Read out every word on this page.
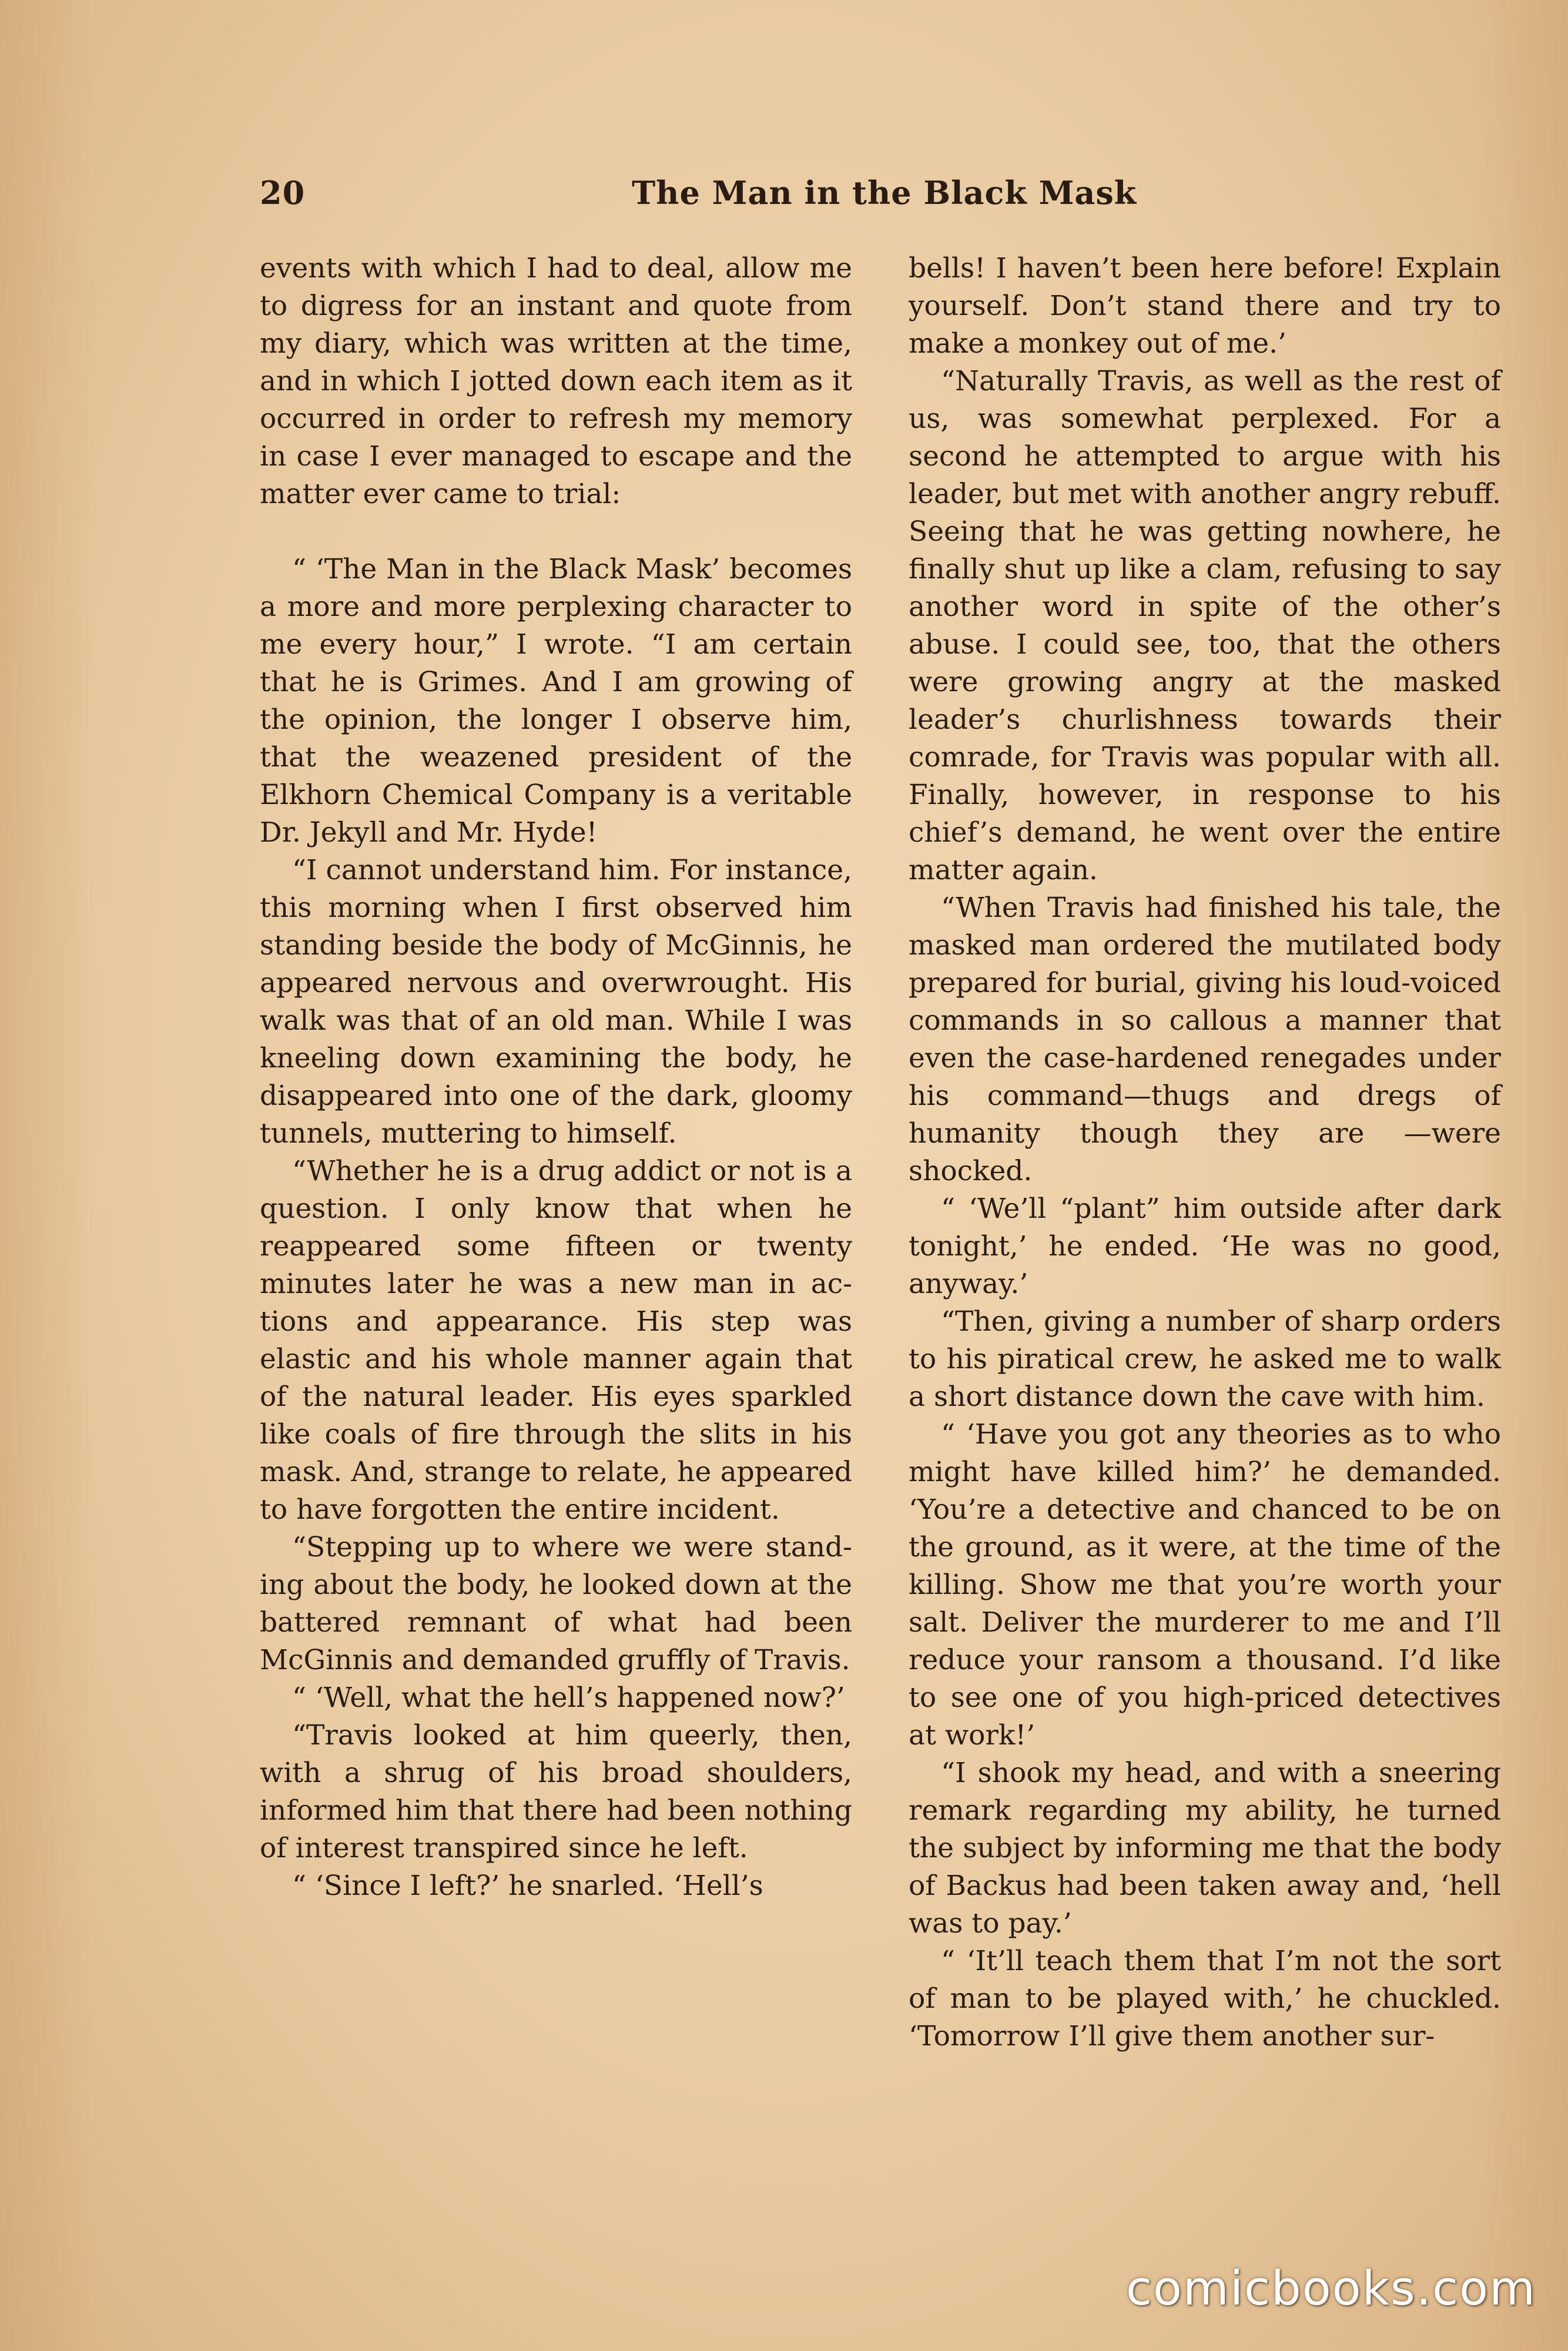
20	The Man in the Black Mask

events with which I had to deal, allow me to digress for an instant and quote from my diary, which was written at the time, and in which I jotted down each item as it occurred in order to refresh my memory in case I ever managed to escape and the matter ever came to trial:

“ ‘The Man in the Black Mask’ becomes a more and more perplexing character to me every hour,” I wrote. “I am certain that he is Grimes. And I am growing of the opinion, the longer I observe him, that the weazened president of the Elkhorn Chemical Company is a veritable Dr. Jekyll and Mr. Hyde!

“I cannot understand him. For instance, this morning when I first observed him standing beside the body of McGinnis, he appeared nervous and overwrought. His walk was that of an old man. While I was kneeling down examining the body, he disappeared into one of the dark, gloomy tunnels, muttering to himself.

“Whether he is a drug addict or not is a question. I only know that when he reappeared some fifteen or twenty minutes later he was a new man in actions and appearance. His step was elastic and his whole manner again that of the natural leader. His eyes sparkled like coals of fire through the slits in his mask. And, strange to relate, he appeared to have forgotten the entire incident.

“Stepping up to where we were standing about the body, he looked down at the battered remnant of what had been McGinnis and demanded gruffly of Travis.

“ ‘Well, what the hell’s happened now?’

“Travis looked at him queerly, then, with a shrug of his broad shoulders, informed him that there had been nothing of interest transpired since he left.

“ ‘Since I left?’ he snarled. ‘Hell’s

bells! I haven’t been here before! Explain yourself. Don’t stand there and try to make a monkey out of me.’

“Naturally Travis, as well as the rest of us, was somewhat perplexed. For a second he attempted to argue with his leader, but met with another angry rebuff. Seeing that he was getting nowhere, he finally shut up like a clam, refusing to say another word in spite of the other’s abuse. I could see, too, that the others were growing angry at the masked leader’s churlishness towards their comrade, for Travis was popular with all. Finally, however, in response to his chief’s demand, he went over the entire matter again.

“When Travis had finished his tale, the masked man ordered the mutilated body prepared for burial, giving his loud-voiced commands in so callous a manner that even the case-hardened renegades under his command—thugs and dregs of humanity though they are —were shocked.

“ ‘We’ll “plant” him outside after dark tonight,’ he ended. ‘He was no good, anyway.’

“Then, giving a number of sharp orders to his piratical crew, he asked me to walk a short distance down the cave with him.

“ ‘Have you got any theories as to who might have killed him?’ he demanded. ‘You’re a detective and chanced to be on the ground, as it were, at the time of the killing. Show me that you’re worth your salt. Deliver the murderer to me and I’ll reduce your ransom a thousand. I’d like to see one of you high-priced detectives at work!’

“I shook my head, and with a sneering remark regarding my ability, he turned the subject by informing me that the body of Backus had been taken away and, ‘hell was to pay.’

“ ‘It’ll teach them that I’m not the sort of man to be played with,’ he chuckled. ‘Tomorrow I’ll give them another sur-

comicbooks.com
